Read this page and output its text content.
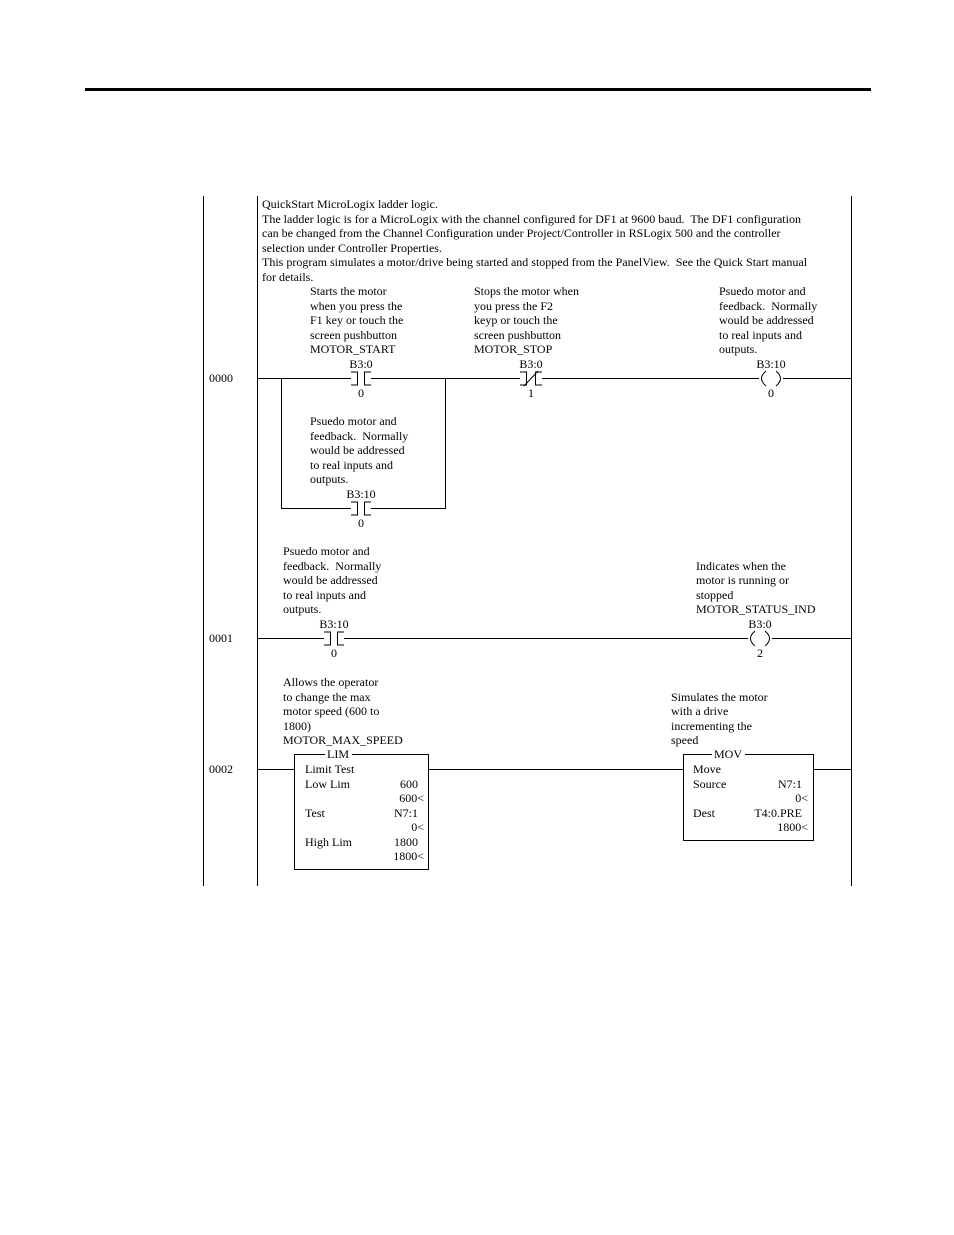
QuickStart MicroLogix ladder logic.
The ladder logic is for a MicroLogix with the channel configured for DF1 at 9600 baud.  The DF1 configuration
can be changed from the Channel Configuration under Project/Controller in RSLogix 500 and the controller
selection under Controller Properties.
This program simulates a motor/drive being started and stopped from the PanelView.  See the Quick Start manual
for details.
0000
Starts the motor
when you press the
F1 key or touch the
screen pushbutton
MOTOR_START
B3:0
0
Stops the motor when
you press the F2
keyp or touch the
screen pushbutton
MOTOR_STOP
B3:0
1
Psuedo motor and
feedback.  Normally
would be addressed
to real inputs and
outputs.
B3:10
0
Psuedo motor and
feedback.  Normally
would be addressed
to real inputs and
outputs.
B3:10
0
0001
Psuedo motor and
feedback.  Normally
would be addressed
to real inputs and
outputs.
B3:10
0
Indicates when the
motor is running or
stopped
MOTOR_STATUS_IND
B3:0
2
0002
Allows the operator
to change the max
motor speed (600 to
1800)
MOTOR_MAX_SPEED
LIM
Limit Test
Low Lim	600
600<
Test	N7:1
0<
High Lim	1800
1800<
Simulates the motor
with a drive
incrementing the
speed
MOV
Move
Source	N7:1
0<
Dest	T4:0.PRE
1800<
